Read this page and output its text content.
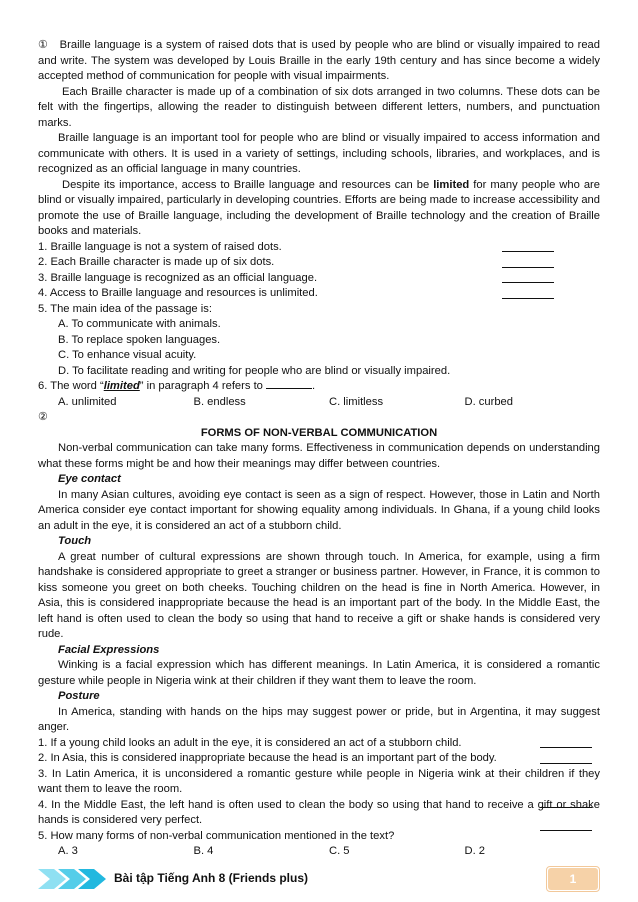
① Braille language is a system of raised dots that is used by people who are blind or visually impaired to read and write. The system was developed by Louis Braille in the early 19th century and has since become a widely accepted method of communication for people with visual impairments.

Each Braille character is made up of a combination of six dots arranged in two columns. These dots can be felt with the fingertips, allowing the reader to distinguish between different letters, numbers, and punctuation marks.

Braille language is an important tool for people who are blind or visually impaired to access information and communicate with others. It is used in a variety of settings, including schools, libraries, and workplaces, and is recognized as an official language in many countries.

Despite its importance, access to Braille language and resources can be limited for many people who are blind or visually impaired, particularly in developing countries. Efforts are being made to increase accessibility and promote the use of Braille language, including the development of Braille technology and the creation of Braille books and materials.

1. Braille language is not a system of raised dots.

2. Each Braille character is made up of six dots.

3. Braille language is recognized as an official language.

4. Access to Braille language and resources is unlimited.

5. The main idea of the passage is:

A. To communicate with animals.

B. To replace spoken languages.

C. To enhance visual acuity.

D. To facilitate reading and writing for people who are blind or visually impaired.

6. The word “limited” in paragraph 4 refers to	.

A. unlimited	B. endless	C. limitless	D. curbed

②

FORMS OF NON-VERBAL COMMUNICATION

Non-verbal communication can take many forms. Effectiveness in communication depends on understanding what these forms might be and how their meanings may differ between countries.

Eye contact

In many Asian cultures, avoiding eye contact is seen as a sign of respect. However, those in Latin and North America consider eye contact important for showing equality among individuals. In Ghana, if a young child looks an adult in the eye, it is considered an act of a stubborn child.

Touch

A great number of cultural expressions are shown through touch. In America, for example, using a firm handshake is considered appropriate to greet a stranger or business partner. However, in France, it is common to kiss someone you greet on both cheeks. Touching children on the head is fine in North America. However, in Asia, this is considered inappropriate because the head is an important part of the body. In the Middle East, the left hand is often used to clean the body so using that hand to receive a gift or shake hands is considered very rude.

Facial Expressions

Winking is a facial expression which has different meanings. In Latin America, it is considered a romantic gesture while people in Nigeria wink at their children if they want them to leave the room.

Posture

In America, standing with hands on the hips may suggest power or pride, but in Argentina, it may suggest anger.

1. If a young child looks an adult in the eye, it is considered an act of a stubborn child.

2. In Asia, this is considered inappropriate because the head is an important part of the body.

3. In Latin America, it is unconsidered a romantic gesture while people in Nigeria wink at their children if they want them to leave the room.

4. In the Middle East, the left hand is often used to clean the body so using that hand to receive a gift or shake hands is considered very perfect.

5. How many forms of non-verbal communication mentioned in the text?

A. 3	B. 4	C. 5	D. 2
Bài tập Tiếng Anh 8 (Friends plus)	1
